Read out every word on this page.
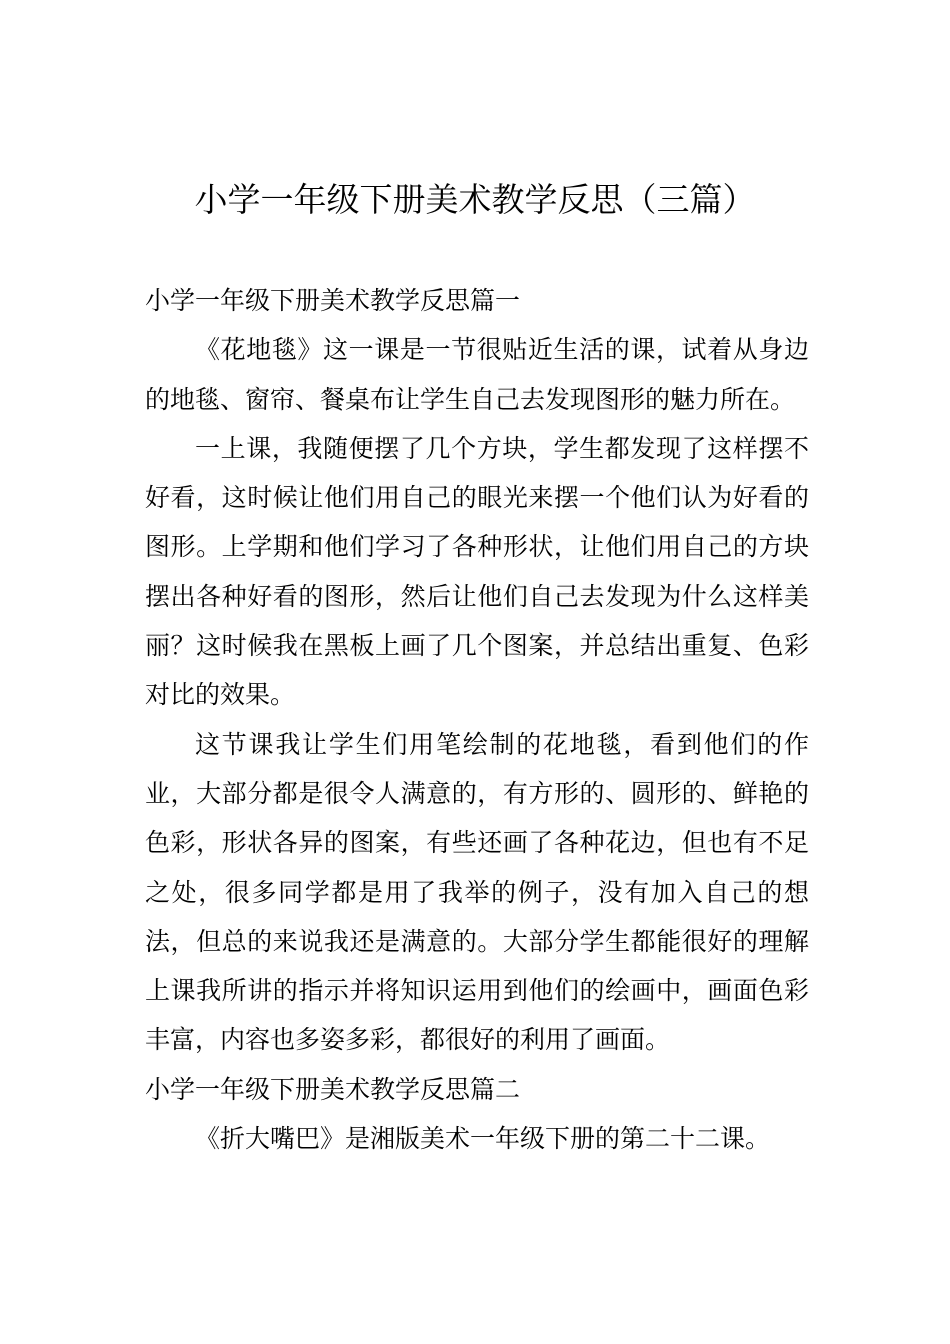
小学一年级下册美术教学反思（三篇）
小学一年级下册美术教学反思篇一

《花地毯》这一课是一节很贴近生活的课，试着从身边的地毯、窗帘、餐桌布让学生自己去发现图形的魅力所在。

一上课，我随便摆了几个方块，学生都发现了这样摆不好看，这时候让他们用自己的眼光来摆一个他们认为好看的图形。上学期和他们学习了各种形状，让他们用自己的方块摆出各种好看的图形，然后让他们自己去发现为什么这样美丽？这时候我在黑板上画了几个图案，并总结出重复、色彩对比的效果。

这节课我让学生们用笔绘制的花地毯，看到他们的作业，大部分都是很令人满意的，有方形的、圆形的、鲜艳的色彩，形状各异的图案，有些还画了各种花边，但也有不足之处，很多同学都是用了我举的例子，没有加入自己的想法，但总的来说我还是满意的。大部分学生都能很好的理解上课我所讲的指示并将知识运用到他们的绘画中，画面色彩丰富，内容也多姿多彩，都很好的利用了画面。

小学一年级下册美术教学反思篇二

《折大嘴巴》是湘版美术一年级下册的第二十二课。
